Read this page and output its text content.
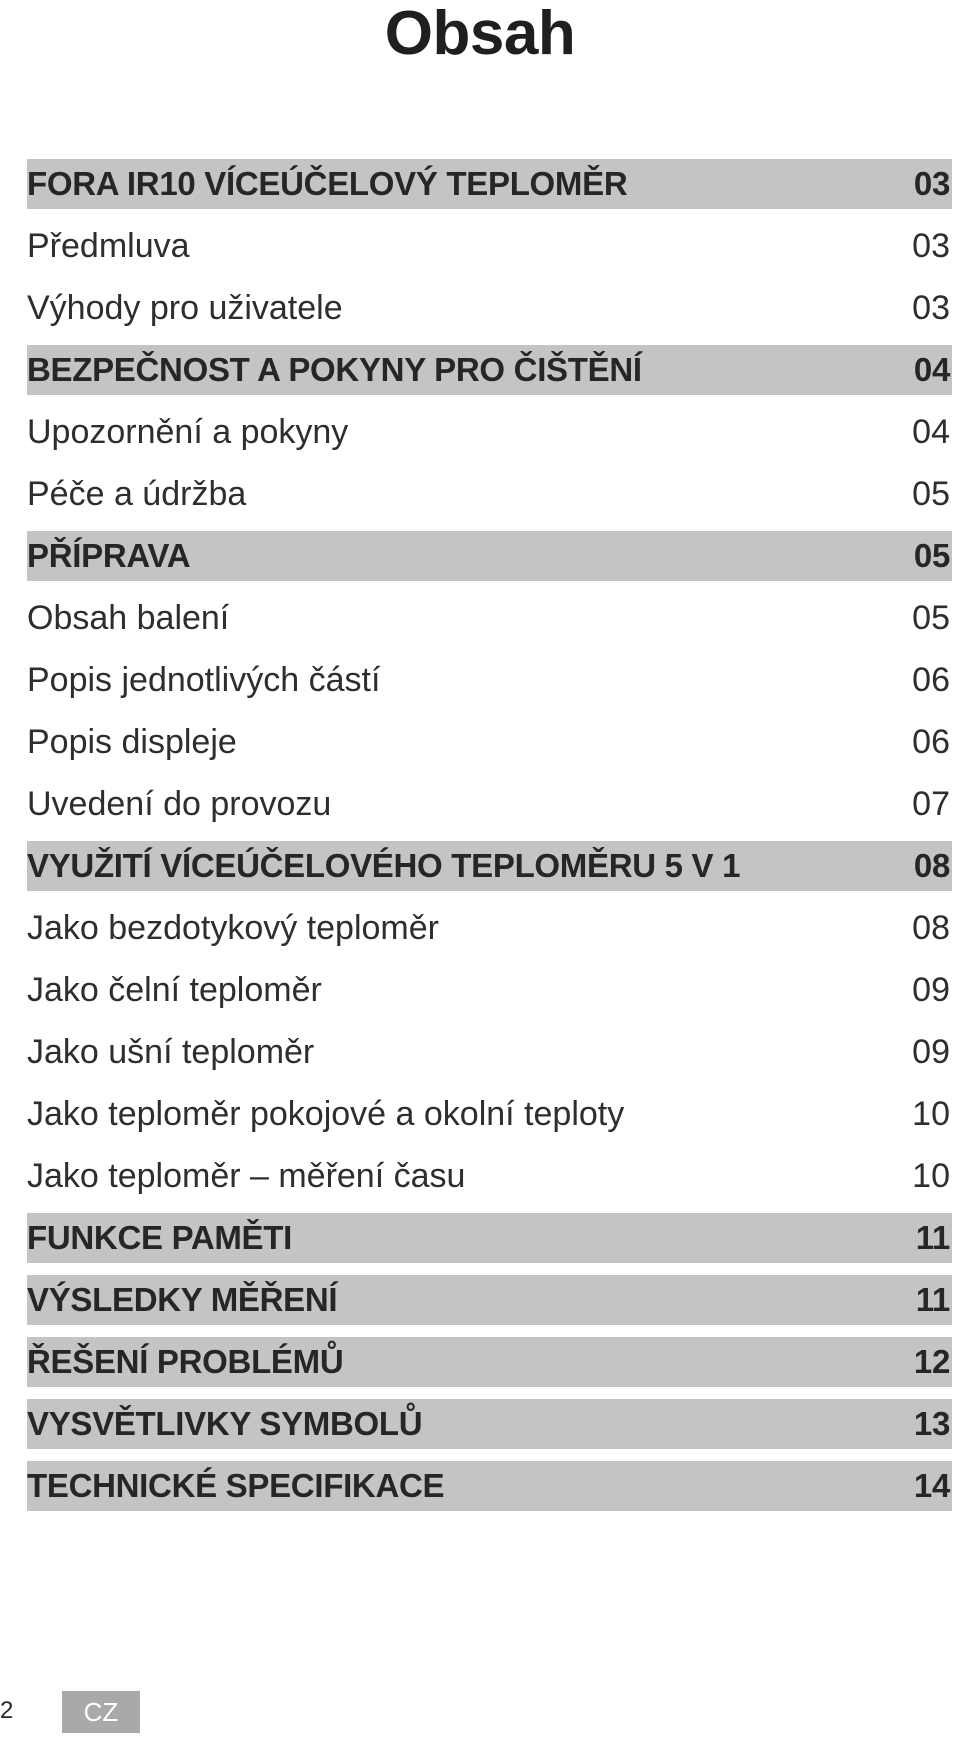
Obsah
FORA IR10 VÍCEÚČELOVÝ TEPLOMĚR	03
Předmluva	03
Výhody pro uživatele	03
BEZPEČNOST A POKYNY PRO ČIŠTĚNÍ	04
Upozornění a pokyny	04
Péče a údržba	05
PŘÍPRAVA	05
Obsah balení	05
Popis jednotlivých částí	06
Popis displeje	06
Uvedení do provozu	07
VYUŽITÍ VÍCEÚČELOVÉHO TEPLOMĚRU 5 V 1	08
Jako bezdotykový teploměr	08
Jako čelní teploměr	09
Jako ušní teploměr	09
Jako teploměr pokojové a okolní teploty	10
Jako teploměr – měření času	10
FUNKCE PAMĚTI	11
VÝSLEDKY MĚŘENÍ	11
ŘEŠENÍ PROBLÉMŮ	12
VYSVĚTLIVKY SYMBOLŮ	13
TECHNICKÉ SPECIFIKACE	14
2	CZ
